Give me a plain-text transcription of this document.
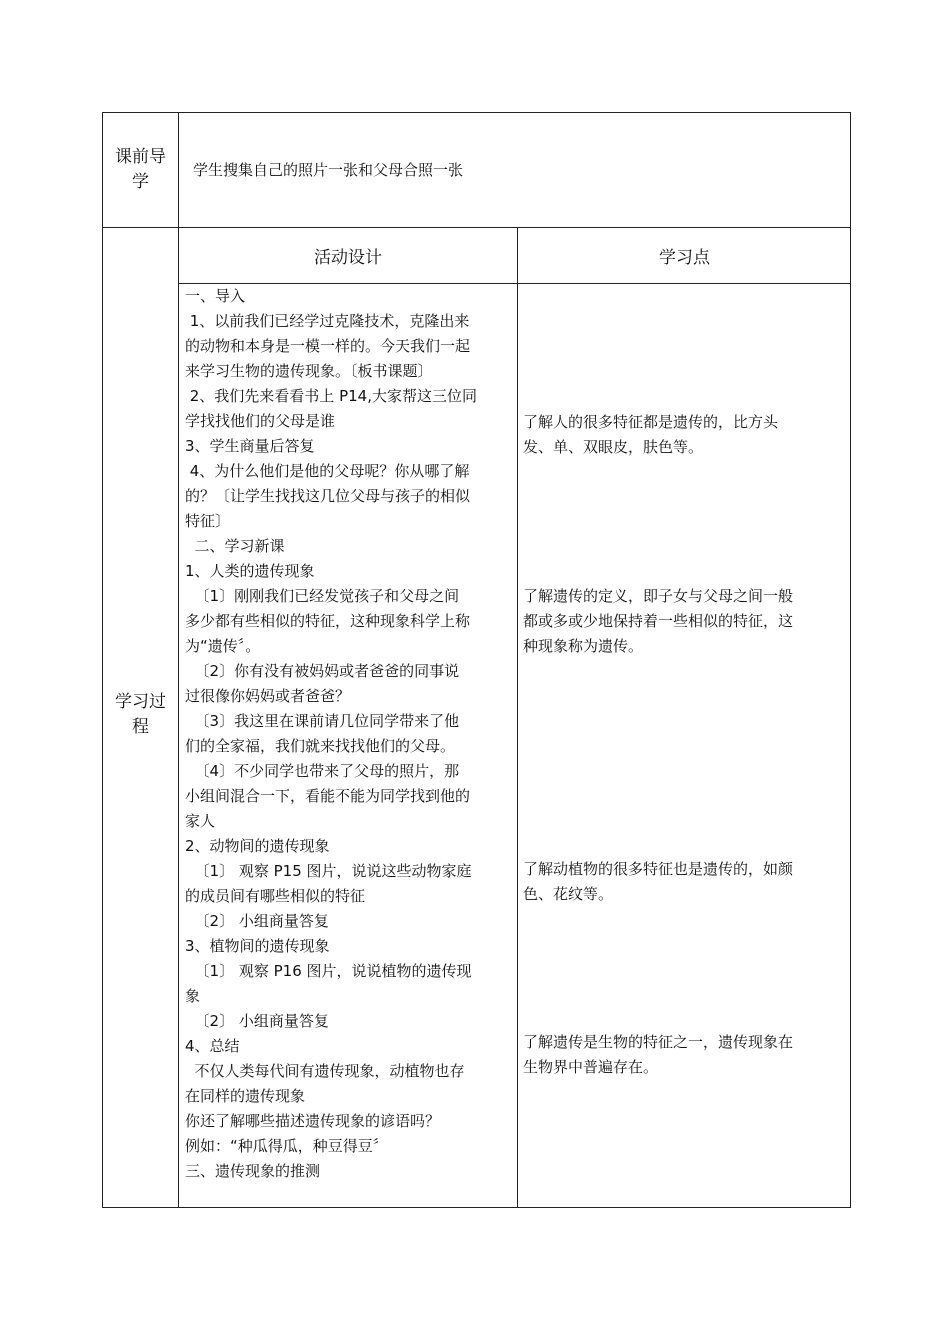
课前导
学
学生搜集自己的照片一张和父母合照一张
学习过
程
活动设计	学习点
一、导入
1、以前我们已经学过克隆技术，克隆出来
的动物和本身是一模一样的。今天我们一起
来学习生物的遗传现象。〔板书课题〕
2、我们先来看看书上 P14,大家帮这三位同
学找找他们的父母是谁
3、学生商量后答复
4、为什么他们是他的父母呢？你从哪了解
的？〔让学生找找这几位父母与孩子的相似
特征〕
二、学习新课
1、人类的遗传现象
〔1〕刚刚我们已经发觉孩子和父母之间
多少都有些相似的特征，这种现象科学上称
为“遗传〞。
〔2〕你有没有被妈妈或者爸爸的同事说
过很像你妈妈或者爸爸？
〔3〕我这里在课前请几位同学带来了他
们的全家福，我们就来找找他们的父母。
〔4〕不少同学也带来了父母的照片，那
小组间混合一下，看能不能为同学找到他的
家人
2、动物间的遗传现象
〔1〕 观察 P15 图片，说说这些动物家庭
的成员间有哪些相似的特征
〔2〕 小组商量答复
3、植物间的遗传现象
〔1〕 观察 P16 图片，说说植物的遗传现
象
〔2〕 小组商量答复
4、总结
不仅人类每代间有遗传现象，动植物也存
在同样的遗传现象
你还了解哪些描述遗传现象的谚语吗？
例如：“种瓜得瓜，种豆得豆〞
三、遗传现象的推测
了解人的很多特征都是遗传的，比方头
发、单、双眼皮，肤色等。
了解遗传的定义，即子女与父母之间一般
都或多或少地保持着一些相似的特征，这
种现象称为遗传。
了解动植物的很多特征也是遗传的，如颜
色、花纹等。
了解遗传是生物的特征之一，遗传现象在
生物界中普遍存在。
